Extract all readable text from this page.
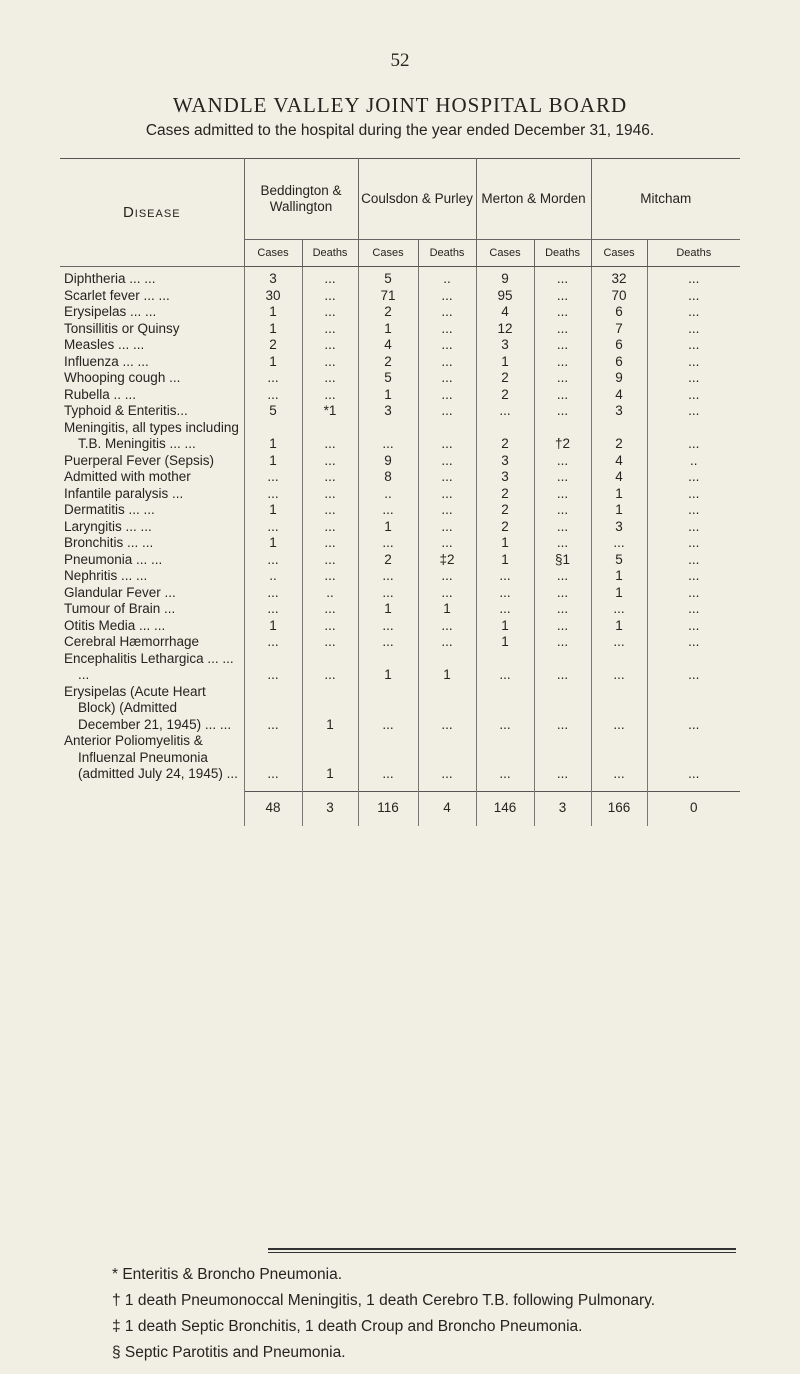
52
WANDLE VALLEY JOINT HOSPITAL BOARD
Cases admitted to the hospital during the year ended December 31, 1946.
Disease	Beddington & Wallington		Coulsdon & Purley		Merton & Morden		Mitcham	
	Cases	Deaths	Cases	Deaths	Cases	Deaths	Cases	Deaths

Diphtheria ... ...	3	...	5	..	9	...	32	...

Scarlet fever ... ...	30	...	71	...	95	...	70	...

Erysipelas ... ...	1	...	2	...	4	...	6	...

Tonsillitis or Quinsy	1	...	1	...	12	...	7	...

Measles ... ...	2	...	4	...	3	...	6	...

Influenza ... ...	1	...	2	...	1	...	6	...

Whooping cough ...	...	...	5	...	2	...	9	...

Rubella .. ...	...	...	1	...	2	...	4	...

Typhoid & Enteritis...	5	*1	3	...	...	...	3	...

Meningitis, all types including T.B. Meningitis ... ...	1	...	...	...	2	†2	2	...

Puerperal Fever (Sepsis)	1	...	9	...	3	...	4	..

Admitted with mother	...	...	8	...	3	...	4	...

Infantile paralysis ...	...	...	..	...	2	...	1	...

Dermatitis ... ...	1	...	...	...	2	...	1	...

Laryngitis ... ...	...	...	1	...	2	...	3	...

Bronchitis ... ...	1	...	...	...	1	...	...	...

Pneumonia ... ...	...	...	2	‡2	1	§1	5	...

Nephritis ... ...	..	...	...	...	...	...	1	...

Glandular Fever ...	...	..	...	...	...	...	1	...

Tumour of Brain ...	...	...	1	1	...	...	...	...

Otitis Media ... ...	1	...	...	...	1	...	1	...

Cerebral Hæmorrhage	...	...	...	...	1	...	...	...

Encephalitis Lethargica ... ... ...	...	...	1	1	...	...	...	...

Erysipelas (Acute Heart Block) (Admitted December 21, 1945) ... ...	...	1	...	...	...	...	...	...

Anterior Poliomyelitis & Influenzal Pneumonia (admitted July 24, 1945) ...	...	1	...	...	...	...	...	...

	48	3	116	4	146	3	166	0
* Enteritis & Broncho Pneumonia.
† 1 death Pneumonoccal Meningitis, 1 death Cerebro T.B. following Pulmonary.
‡ 1 death Septic Bronchitis, 1 death Croup and Broncho Pneumonia.
§ Septic Parotitis and Pneumonia.
